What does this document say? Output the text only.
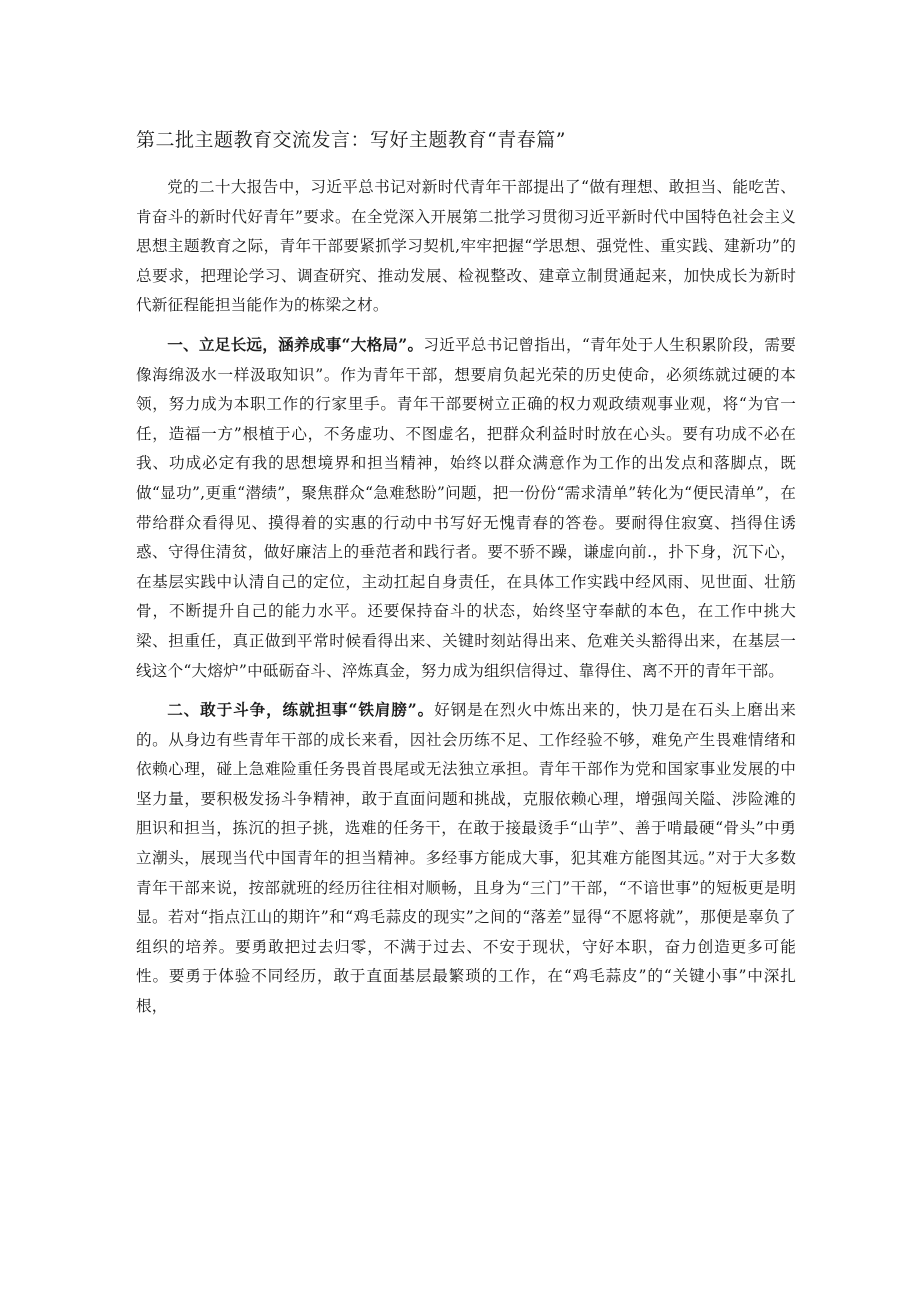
第二批主题教育交流发言：写好主题教育“青春篇”

党的二十大报告中，习近平总书记对新时代青年干部提出了“做有理想、敢担当、能吃苦、肯奋斗的新时代好青年”要求。在全党深入开展第二批学习贯彻习近平新时代中国特色社会主义思想主题教育之际，青年干部要紧抓学习契机,牢牢把握“学思想、强党性、重实践、建新功”的总要求，把理论学习、调查研究、推动发展、检视整改、建章立制贯通起来，加快成长为新时代新征程能担当能作为的栋梁之材。

一、立足长远，涵养成事“大格局”。习近平总书记曾指出，“青年处于人生积累阶段，需要像海绵汲水一样汲取知识”。作为青年干部，想要肩负起光荣的历史使命，必须练就过硬的本领，努力成为本职工作的行家里手。青年干部要树立正确的权力观政绩观事业观，将“为官一任，造福一方”根植于心，不务虚功、不图虚名，把群众利益时时放在心头。要有功成不必在我、功成必定有我的思想境界和担当精神，始终以群众满意作为工作的出发点和落脚点，既做“显功”,更重“潜绩”，聚焦群众“急难愁盼”问题，把一份份“需求清单”转化为“便民清单”，在带给群众看得见、摸得着的实惠的行动中书写好无愧青春的答卷。要耐得住寂寞、挡得住诱惑、守得住清贫，做好廉洁上的垂范者和践行者。要不骄不躁，谦虚向前.，扑下身，沉下心，在基层实践中认清自己的定位，主动扛起自身责任，在具体工作实践中经风雨、见世面、壮筋骨，不断提升自己的能力水平。还要保持奋斗的状态，始终坚守奉献的本色，在工作中挑大梁、担重任，真正做到平常时候看得出来、关键时刻站得出来、危难关头豁得出来，在基层一线这个“大熔炉”中砥砺奋斗、淬炼真金，努力成为组织信得过、靠得住、离不开的青年干部。

二、敢于斗争，练就担事“铁肩膀”。好钢是在烈火中炼出来的，快刀是在石头上磨出来的。从身边有些青年干部的成长来看，因社会历练不足、工作经验不够，难免产生畏难情绪和依赖心理，碰上急难险重任务畏首畏尾或无法独立承担。青年干部作为党和国家事业发展的中坚力量，要积极发扬斗争精神，敢于直面问题和挑战，克服依赖心理，增强闯关隘、涉险滩的胆识和担当，拣沉的担子挑，选难的任务干，在敢于接最烫手“山芋”、善于啃最硬“骨头”中勇立潮头，展现当代中国青年的担当精神。多经事方能成大事，犯其难方能图其远。”对于大多数青年干部来说，按部就班的经历往往相对顺畅，且身为“三门”干部，“不谙世事”的短板更是明显。若对“指点江山的期许”和“鸡毛蒜皮的现实”之间的“落差”显得“不愿将就”，那便是辜负了组织的培养。要勇敢把过去归零，不满于过去、不安于现状，守好本职，奋力创造更多可能性。要勇于体验不同经历，敢于直面基层最繁琐的工作，在“鸡毛蒜皮”的“关键小事”中深扎根，
